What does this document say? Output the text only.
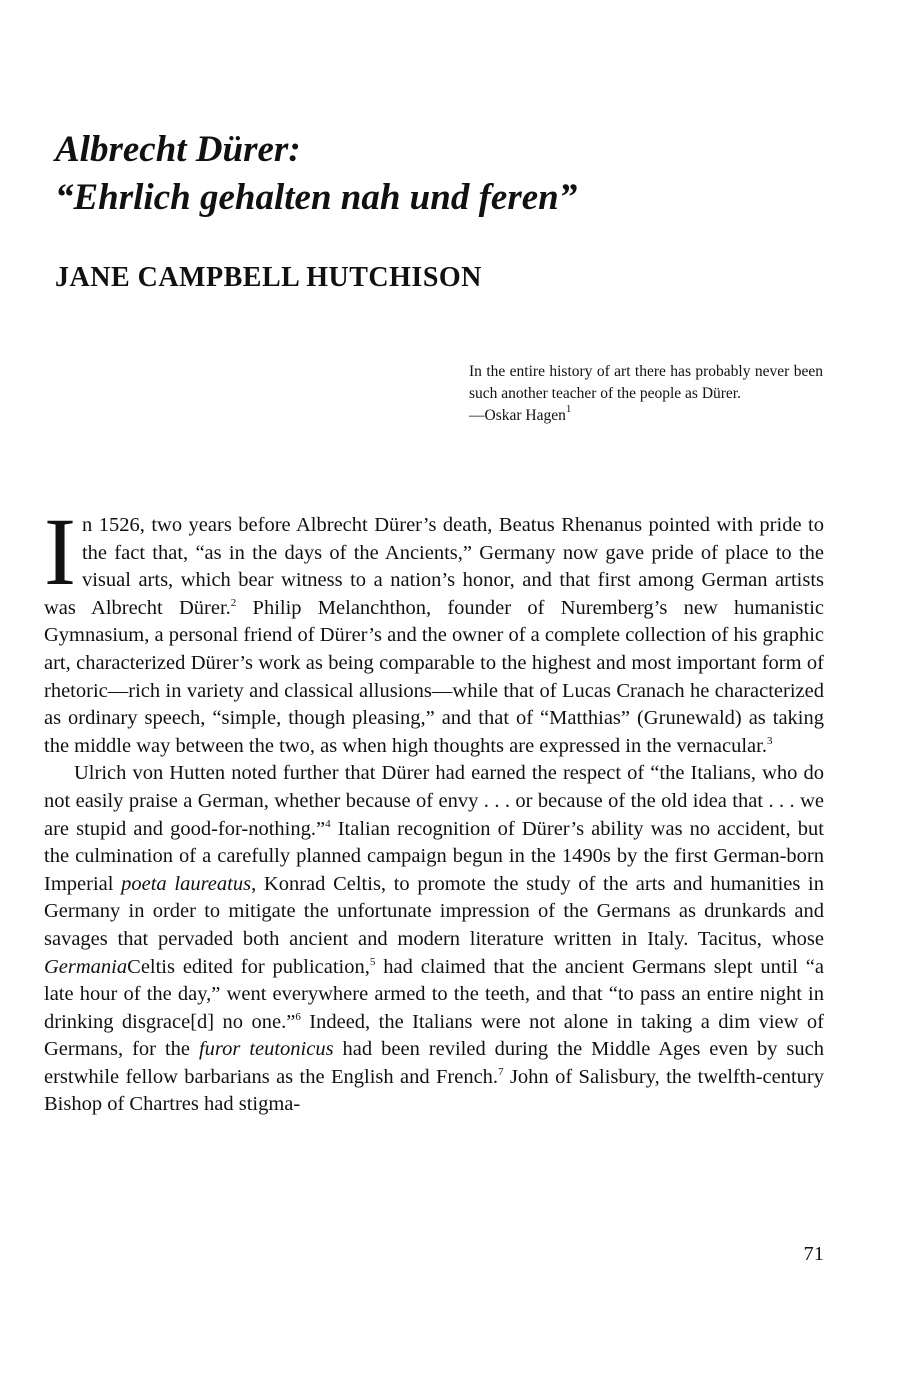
Albrecht Dürer:
“Ehrlich gehalten nah und feren”
JANE CAMPBELL HUTCHISON
In the entire history of art there has probably never been such another teacher of the people as Dürer.
—Oskar Hagen$^1$

In 1526, two years before Albrecht Dürer’s death, Beatus Rhenanus pointed with pride to the fact that, “as in the days of the Ancients,” Germany now gave pride of place to the visual arts, which bear witness to a nation’s honor, and that first among German artists was Albrecht Dürer.$^2$ Philip Melanchthon, founder of Nuremberg’s new humanistic Gymnasium, a personal friend of Dürer’s and the owner of a complete collection of his graphic art, characterized Dürer’s work as being comparable to the highest and most important form of rhetoric—rich in variety and classical allusions—while that of Lucas Cranach he characterized as ordinary speech, “simple, though pleasing,” and that of “Matthias” (Grunewald) as taking the middle way between the two, as when high thoughts are expressed in the vernacular.$^3$

Ulrich von Hutten noted further that Dürer had earned the respect of “the Italians, who do not easily praise a German, whether because of envy . . . or because of the old idea that . . . we are stupid and good-for-nothing.”$^4$ Italian recognition of Dürer’s ability was no accident, but the culmination of a carefully planned campaign begun in the 1490s by the first German-born Imperial poeta laureatus, Konrad Celtis, to promote the study of the arts and humanities in Germany in order to mitigate the unfortunate impression of the Germans as drunkards and savages that pervaded both ancient and modern literature written in Italy. Tacitus, whose GermaniaCeltis edited for publication,$^5$ had claimed that the ancient Germans slept until “a late hour of the day,” went everywhere armed to the teeth, and that “to pass an entire night in drinking disgrace[d] no one.”$^6$ Indeed, the Italians were not alone in taking a dim view of Germans, for the furor teutonicus had been reviled during the Middle Ages even by such erstwhile fellow barbarians as the English and French.$^7$ John of Salisbury, the twelfth-century Bishop of Chartres had stigma-

71
